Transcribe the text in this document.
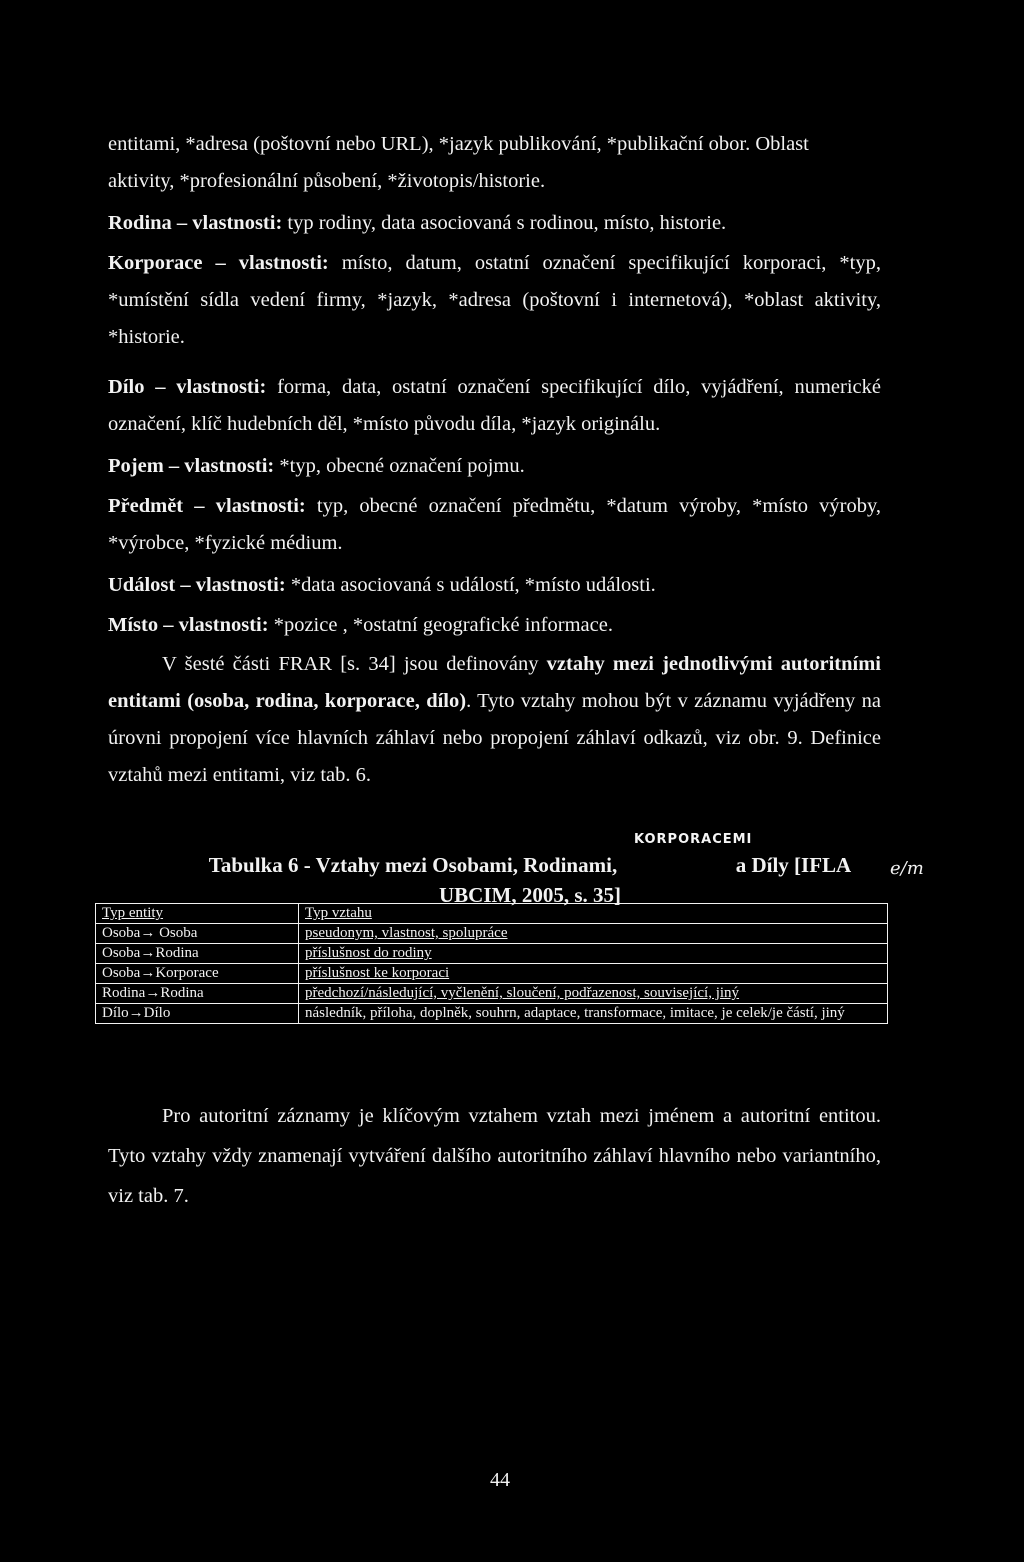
entitami, *adresa (poštovní nebo URL), *jazyk publikování, *publikační obor. Oblast
aktivity, *profesionální působení, *životopis/historie.

Rodina – vlastnosti: typ rodiny, data asociovaná s rodinou, místo, historie.

Korporace – vlastnosti: místo, datum, ostatní označení specifikující korporaci, *typ, *umístění sídla vedení firmy, *jazyk, *adresa (poštovní i internetová), *oblast aktivity, *historie.

Dílo – vlastnosti: forma, data, ostatní označení specifikující dílo, vyjádření, numerické označení, klíč hudebních děl, *místo původu díla, *jazyk originálu.

Pojem – vlastnosti: *typ, obecné označení pojmu.

Předmět – vlastnosti: typ, obecné označení předmětu, *datum výroby, *místo výroby, *výrobce, *fyzické médium.

Událost – vlastnosti: *data asociovaná s událostí, *místo události.

Místo – vlastnosti: *pozice , *ostatní geografické informace.

V šesté části FRAR [s. 34] jsou definovány vztahy mezi jednotlivými autoritními entitami (osoba, rodina, korporace, dílo). Tyto vztahy mohou být v záznamu vyjádřeny na úrovni propojení více hlavních záhlaví nebo propojení záhlaví odkazů, viz obr. 9. Definice vztahů mezi entitami, viz tab. 6.

KORPORACEMI

Tabulka 6 - Vztahy mezi Osobami, Rodinami,	a Díly [IFLA
UBCIM, 2005, s. 35]

e/m
Typ entity	Typ vztahu
Osoba→ Osoba	pseudonym, vlastnost, spolupráce
Osoba→Rodina	příslušnost do rodiny
Osoba→Korporace	příslušnost ke korporaci
Rodina→Rodina	předchozí/následující, vyčlenění, sloučení, podřazenost, související, jiný
Dílo→Dílo	následník, příloha, doplněk, souhrn, adaptace, transformace, imitace, je celek/je částí, jiný

Pro autoritní záznamy je klíčovým vztahem vztah mezi jménem a autoritní entitou. Tyto vztahy vždy znamenají vytváření dalšího autoritního záhlaví hlavního nebo variantního, viz tab. 7.

44
